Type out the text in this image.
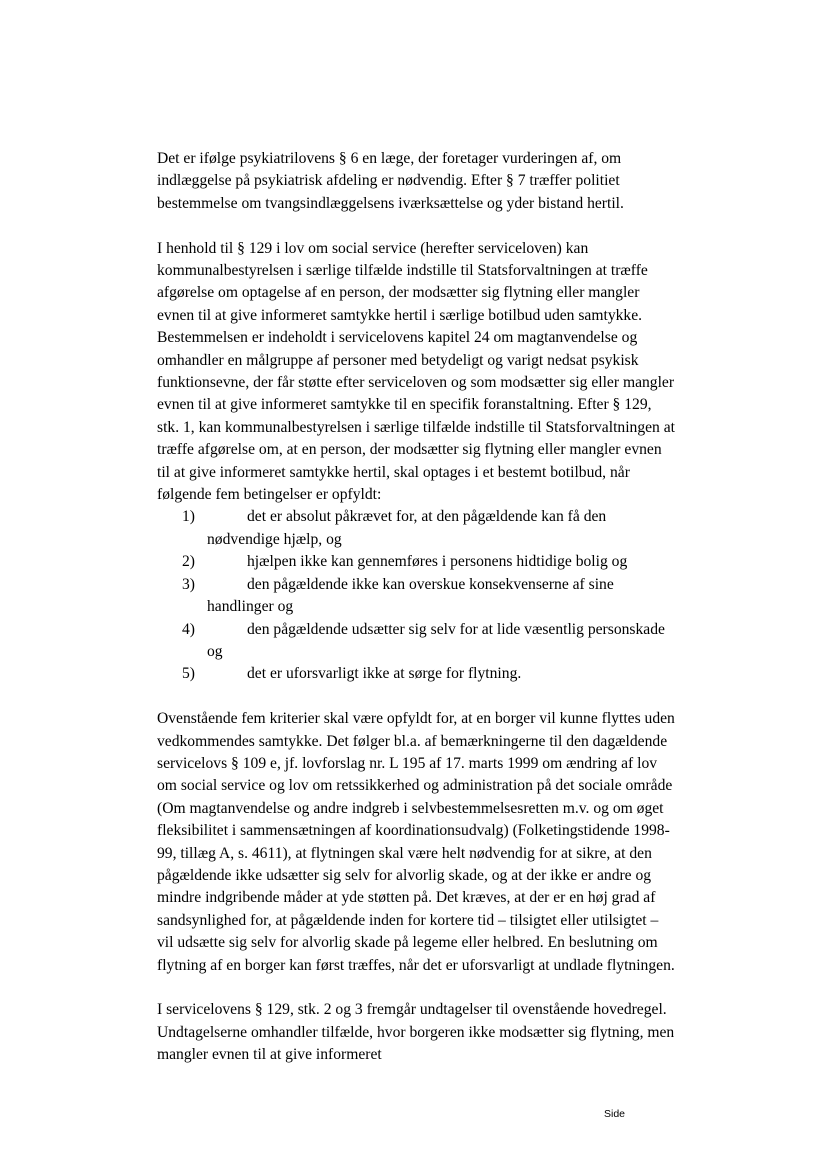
Det er ifølge psykiatrilovens § 6 en læge, der foretager vurderingen af, om indlæggelse på psykiatrisk afdeling er nødvendig. Efter § 7 træffer politiet bestemmelse om tvangsindlæggelsens iværksættelse og yder bistand hertil.

I henhold til § 129 i lov om social service (herefter serviceloven) kan kommunalbestyrelsen i særlige tilfælde indstille til Statsforvaltningen at træffe afgørelse om optagelse af en person, der modsætter sig flytning eller mangler evnen til at give informeret samtykke hertil i særlige botilbud uden samtykke. Bestemmelsen er indeholdt i servicelovens kapitel 24 om magtanvendelse og omhandler en målgruppe af personer med betydeligt og varigt nedsat psykisk funktionsevne, der får støtte efter serviceloven og som modsætter sig eller mangler evnen til at give informeret samtykke til en specifik foranstaltning. Efter § 129, stk. 1, kan kommunalbestyrelsen i særlige tilfælde indstille til Statsforvaltningen at træffe afgørelse om, at en person, der modsætter sig flytning eller mangler evnen til at give informeret samtykke hertil, skal optages i et bestemt botilbud, når følgende fem betingelser er opfyldt:

1)	det er absolut påkrævet for, at den pågældende kan få den nødvendige hjælp, og
2)	hjælpen ikke kan gennemføres i personens hidtidige bolig og
3)	den pågældende ikke kan overskue konsekvenserne af sine handlinger og
4)	den pågældende udsætter sig selv for at lide væsentlig personskade og
5)	det er uforsvarligt ikke at sørge for flytning.

Ovenstående fem kriterier skal være opfyldt for, at en borger vil kunne flyttes uden vedkommendes samtykke. Det følger bl.a. af bemærkningerne til den dagældende servicelovs § 109 e, jf. lovforslag nr. L 195 af 17. marts 1999 om ændring af lov om social service og lov om retssikkerhed og administration på det sociale område (Om magtanvendelse og andre indgreb i selvbestemmelsesretten m.v. og om øget fleksibilitet i sammensætningen af koordinationsudvalg) (Folketingstidende 1998-99, tillæg A, s. 4611), at flytningen skal være helt nødvendig for at sikre, at den pågældende ikke udsætter sig selv for alvorlig skade, og at der ikke er andre og mindre indgribende måder at yde støtten på. Det kræves, at der er en høj grad af sandsynlighed for, at pågældende inden for kortere tid – tilsigtet eller utilsigtet – vil udsætte sig selv for alvorlig skade på legeme eller helbred. En beslutning om flytning af en borger kan først træffes, når det er uforsvarligt at undlade flytningen.

I servicelovens § 129, stk. 2 og 3 fremgår undtagelser til ovenstående hovedregel. Undtagelserne omhandler tilfælde, hvor borgeren ikke modsætter sig flytning, men mangler evnen til at give informeret

Side
